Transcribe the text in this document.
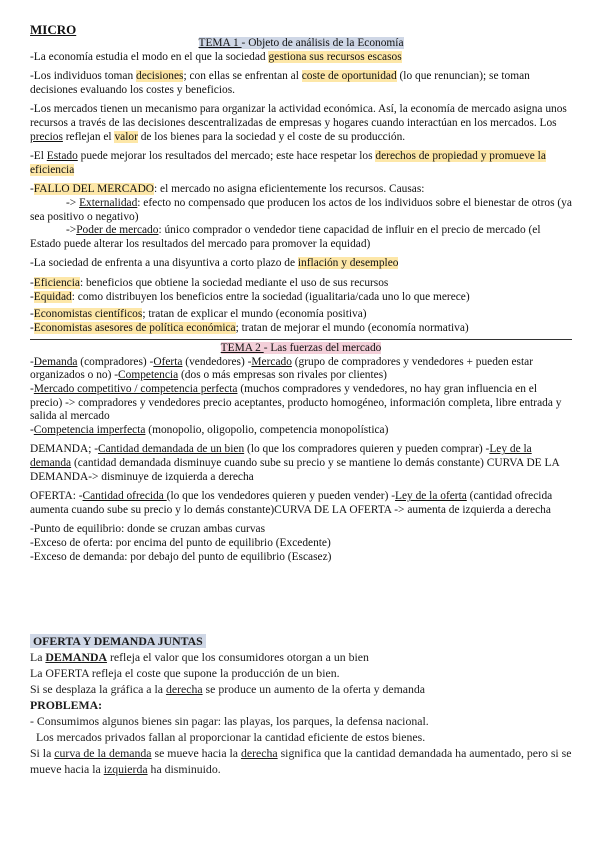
MICRO

TEMA 1 - Objeto de análisis de la Economía

-La economía estudia el modo en el que la sociedad gestiona sus recursos escasos

-Los individuos toman decisiones; con ellas se enfrentan al coste de oportunidad (lo que renuncian); se toman decisiones evaluando los costes y beneficios.

-Los mercados tienen un mecanismo para organizar la actividad económica. Así, la economía de mercado asigna unos recursos a través de las decisiones descentralizadas de empresas y hogares cuando interactúan en los mercados. Los precios reflejan el valor de los bienes para la sociedad y el coste de su producción.

-El Estado puede mejorar los resultados del mercado; este hace respetar los derechos de propiedad y promueve la eficiencia

-FALLO DEL MERCADO: el mercado no asigna eficientemente los recursos. Causas:

-> Externalidad: efecto no compensado que producen los actos de los individuos sobre el bienestar de otros (ya sea positivo o negativo)

->Poder de mercado: único comprador o vendedor tiene capacidad de influir en el precio de mercado (el Estado puede alterar los resultados del mercado para promover la equidad)

-La sociedad de enfrenta a una disyuntiva a corto plazo de inflación y desempleo

-Eficiencia: beneficios que obtiene la sociedad mediante el uso de sus recursos

-Equidad: como distribuyen los beneficios entre la sociedad (igualitaria/cada uno lo que merece)

-Economistas científicos; tratan de explicar el mundo (economía positiva)

-Economistas asesores de política económica; tratan de mejorar el mundo (economía normativa)

TEMA 2 - Las fuerzas del mercado

-Demanda (compradores) -Oferta (vendedores) -Mercado (grupo de compradores y vendedores + pueden estar organizados o no) -Competencia (dos o más empresas son rivales por clientes)

-Mercado competitivo / competencia perfecta (muchos compradores y vendedores, no hay gran influencia en el precio) -> compradores y vendedores precio aceptantes, producto homogéneo, información completa, libre entrada y salida al mercado

-Competencia imperfecta (monopolio, oligopolio, competencia monopolística)

DEMANDA; -Cantidad demandada de un bien (lo que los compradores quieren y pueden comprar) -Ley de la demanda (cantidad demandada disminuye cuando sube su precio y se mantiene lo demás constante) CURVA DE LA DEMANDA-> disminuye de izquierda a derecha

OFERTA: -Cantidad ofrecida (lo que los vendedores quieren y pueden vender) -Ley de la oferta (cantidad ofrecida aumenta cuando sube su precio y lo demás constante)CURVA DE LA OFERTA -> aumenta de izquierda a derecha

-Punto de equilibrio: donde se cruzan ambas curvas

-Exceso de oferta: por encima del punto de equilibrio (Excedente)

-Exceso de demanda: por debajo del punto de equilibrio (Escasez)

OFERTA Y DEMANDA JUNTAS

La DEMANDA refleja el valor que los consumidores otorgan a un bien

La OFERTA refleja el coste que supone la producción de un bien.

Si se desplaza la gráfica a la derecha se produce un aumento de la oferta y demanda

PROBLEMA:

- Consumimos algunos bienes sin pagar: las playas, los parques, la defensa nacional.

Los mercados privados fallan al proporcionar la cantidad eficiente de estos bienes.

Si la curva de la demanda se mueve hacia la derecha significa que la cantidad demandada ha aumentado, pero si se mueve hacia la izquierda ha disminuido.
